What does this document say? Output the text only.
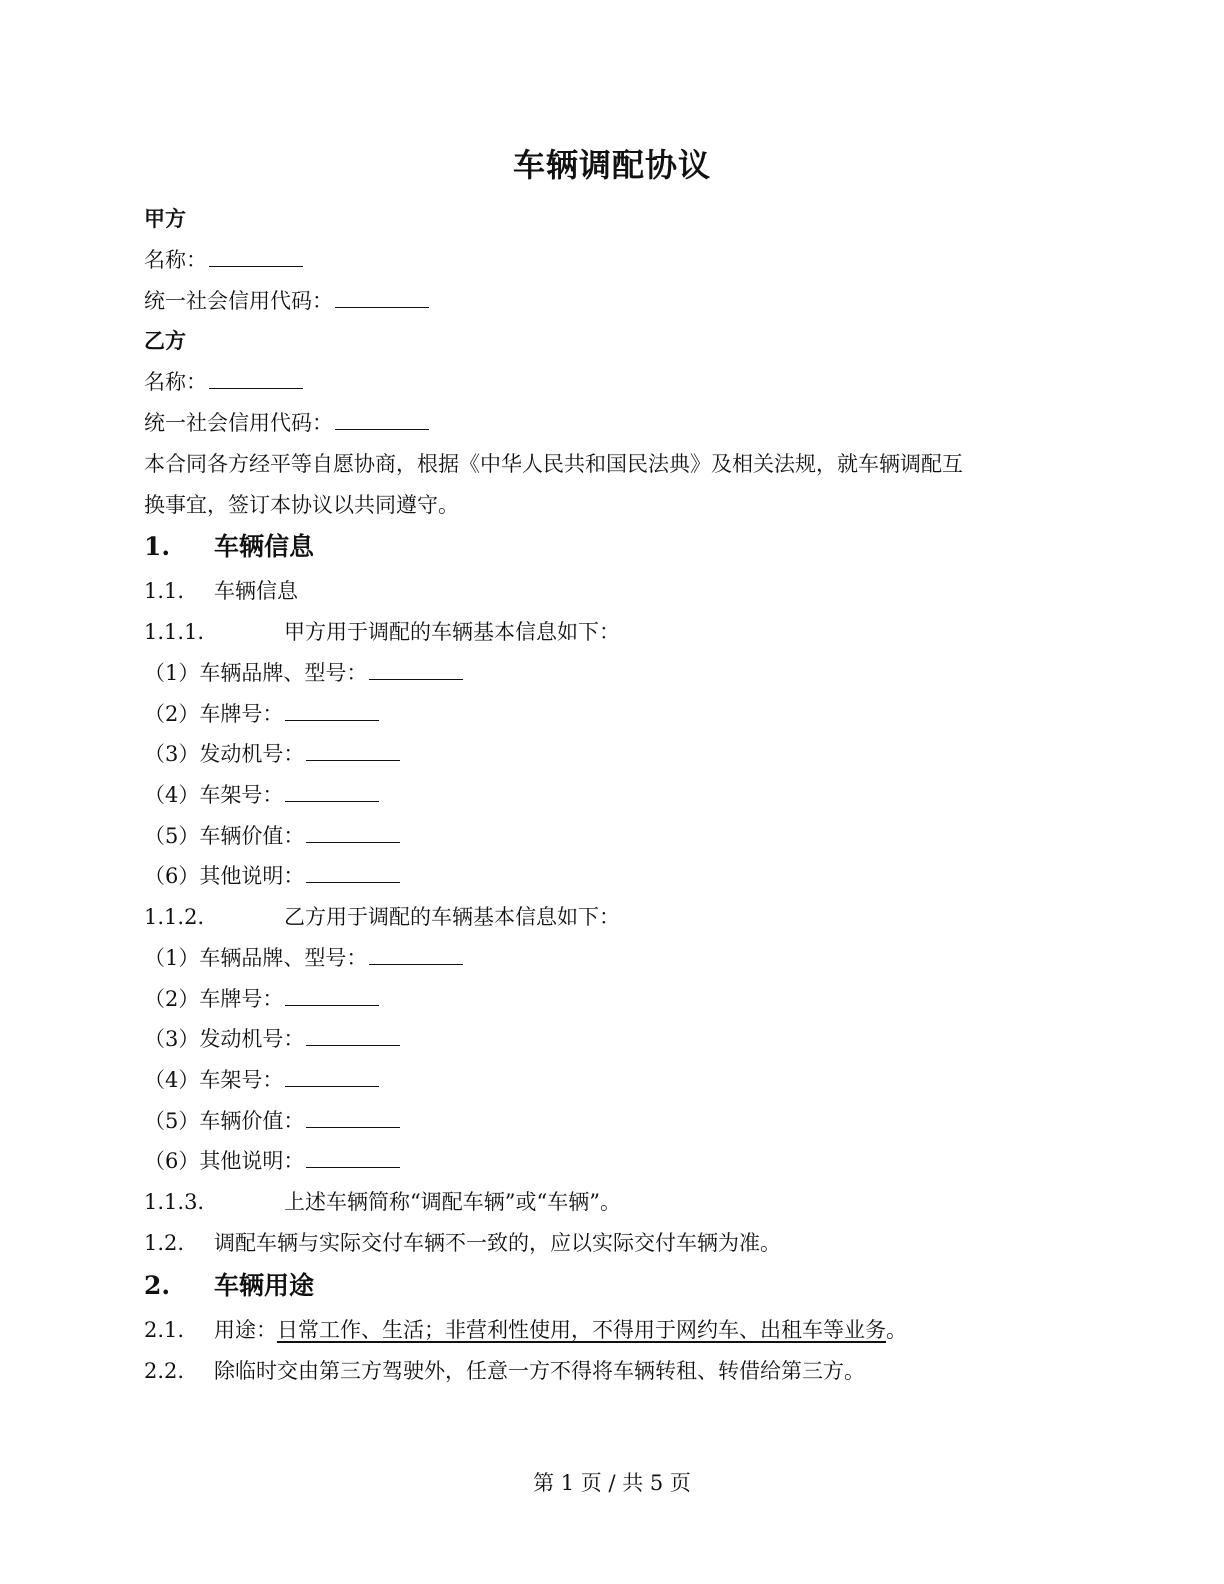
车辆调配协议
甲方
名称：
统一社会信用代码：
乙方
名称：
统一社会信用代码：
本合同各方经平等自愿协商，根据《中华人民共和国民法典》及相关法规，就车辆调配互
换事宜，签订本协议以共同遵守。
1. 车辆信息
1.1. 车辆信息
1.1.1.	甲方用于调配的车辆基本信息如下：
（1）车辆品牌、型号：
（2）车牌号：
（3）发动机号：
（4）车架号：
（5）车辆价值：
（6）其他说明：
1.1.2.	乙方用于调配的车辆基本信息如下：
（1）车辆品牌、型号：
（2）车牌号：
（3）发动机号：
（4）车架号：
（5）车辆价值：
（6）其他说明：
1.1.3.	上述车辆简称“调配车辆”或“车辆”。
1.2. 调配车辆与实际交付车辆不一致的，应以实际交付车辆为准。
2. 车辆用途
2.1. 用途：日常工作、生活；非营利性使用，不得用于网约车、出租车等业务。
2.2. 除临时交由第三方驾驶外，任意一方不得将车辆转租、转借给第三方。
第 1 页 / 共 5 页
